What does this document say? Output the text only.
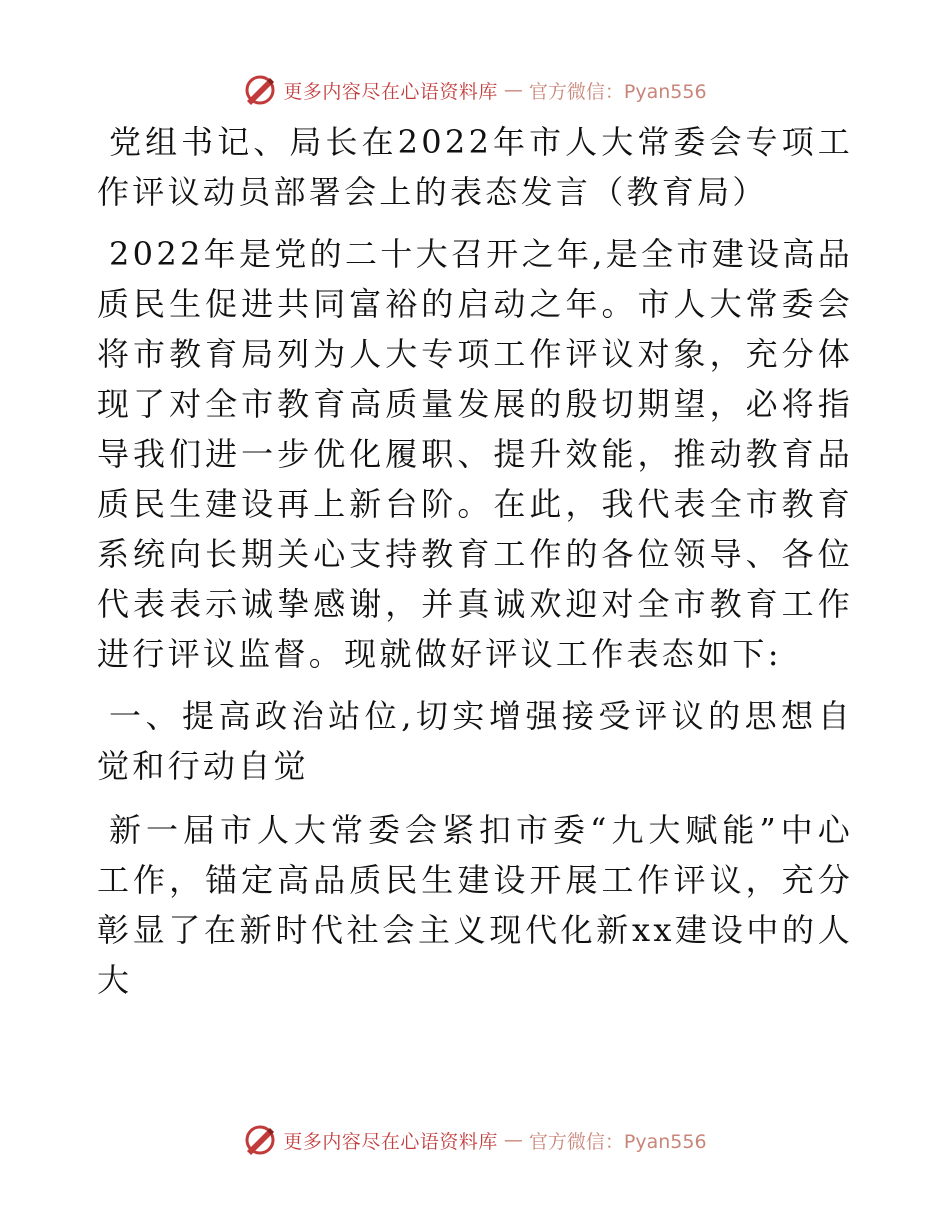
更多内容尽在心语资料库 — 官方微信：Pyan556

党组书记、局长在2022年市人大常委会专项工作评议动员部署会上的表态发言（教育局）

2022年是党的二十大召开之年,是全市建设高品质民生促进共同富裕的启动之年。市人大常委会将市教育局列为人大专项工作评议对象，充分体现了对全市教育高质量发展的殷切期望，必将指导我们进一步优化履职、提升效能，推动教育品质民生建设再上新台阶。在此，我代表全市教育系统向长期关心支持教育工作的各位领导、各位代表表示诚挚感谢，并真诚欢迎对全市教育工作进行评议监督。现就做好评议工作表态如下:

一、提高政治站位,切实增强接受评议的思想自觉和行动自觉

新一届市人大常委会紧扣市委“九大赋能”中心工作，锚定高品质民生建设开展工作评议，充分彰显了在新时代社会主义现代化新xx建设中的人大

更多内容尽在心语资料库 — 官方微信：Pyan556
